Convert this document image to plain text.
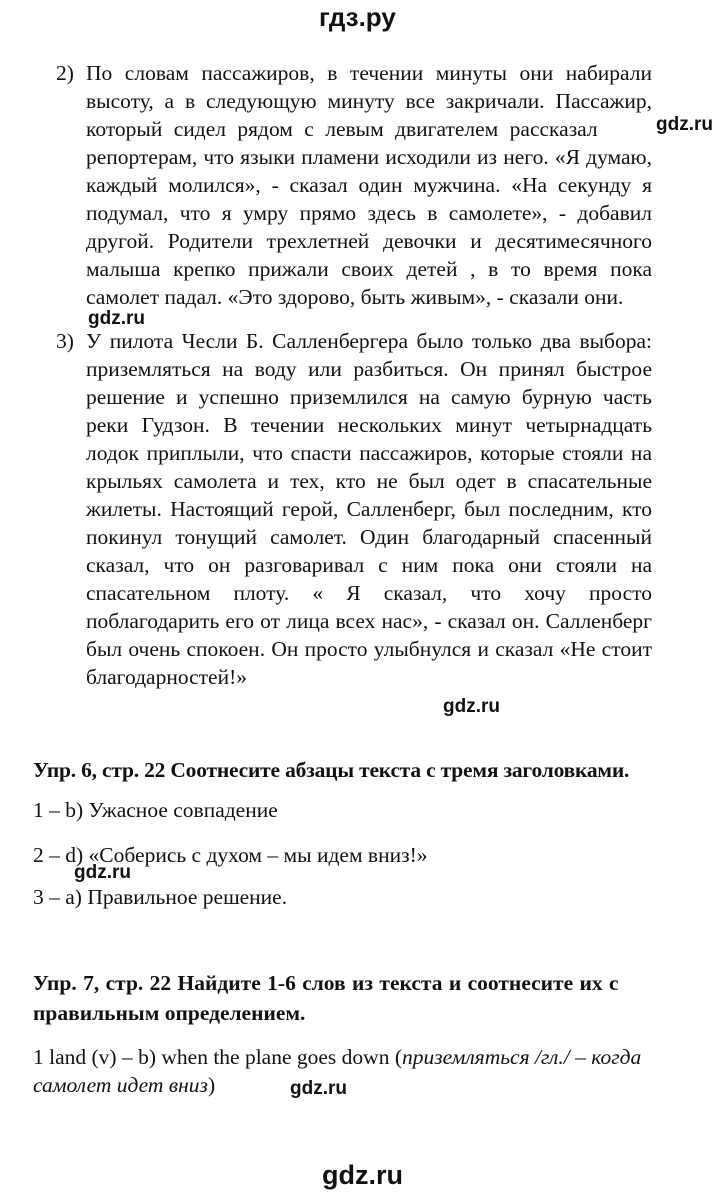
гдз.ру
2) По словам пассажиров, в течении минуты они набирали
высоту, а в следующую минуту все закричали. Пассажир,
который сидел рядом с левым двигателем рассказал
репортерам, что языки пламени исходили из него. «Я думаю,
каждый молился», - сказал один мужчина. «На секунду я
подумал, что я умру прямо здесь в самолете», - добавил
другой. Родители трехлетней девочки и десятимесячного
малыша крепко прижали своих детей , в то время пока
самолет падал. «Это здорово, быть живым», - сказали они.
gdz.ru
gdz.ru
3) У пилота Чесли Б. Салленбергера было только два выбора:
приземляться на воду или разбиться. Он принял быстрое
решение и успешно приземлился на самую бурную часть
реки Гудзон. В течении нескольких минут четырнадцать
лодок приплыли, что спасти пассажиров, которые стояли на
крыльях самолета и тех, кто не был одет в спасательные
жилеты. Настоящий герой, Салленберг, был последним, кто
покинул тонущий самолет. Один благодарный спасенный
сказал, что он разговаривал с ним пока они стояли на
спасательном плоту. « Я сказал, что хочу просто
поблагодарить его от лица всех нас», - сказал он. Салленберг
был очень спокоен. Он просто улыбнулся и сказал «Не стоит
благодарностей!»
gdz.ru
Упр. 6, стр. 22 Соотнесите абзацы текста с тремя заголовками.
1 – b) Ужасное совпадение
2 – d) «Соберись с духом – мы идем вниз!»
gdz.ru
3 – a) Правильное решение.
Упр. 7, стр. 22 Найдите 1-6 слов из текста и соотнесите их с
правильным определением.
1 land (v) – b) when the plane goes down (приземляться /гл./ – когда
самолет идет вниз)	gdz.ru
gdz.ru
